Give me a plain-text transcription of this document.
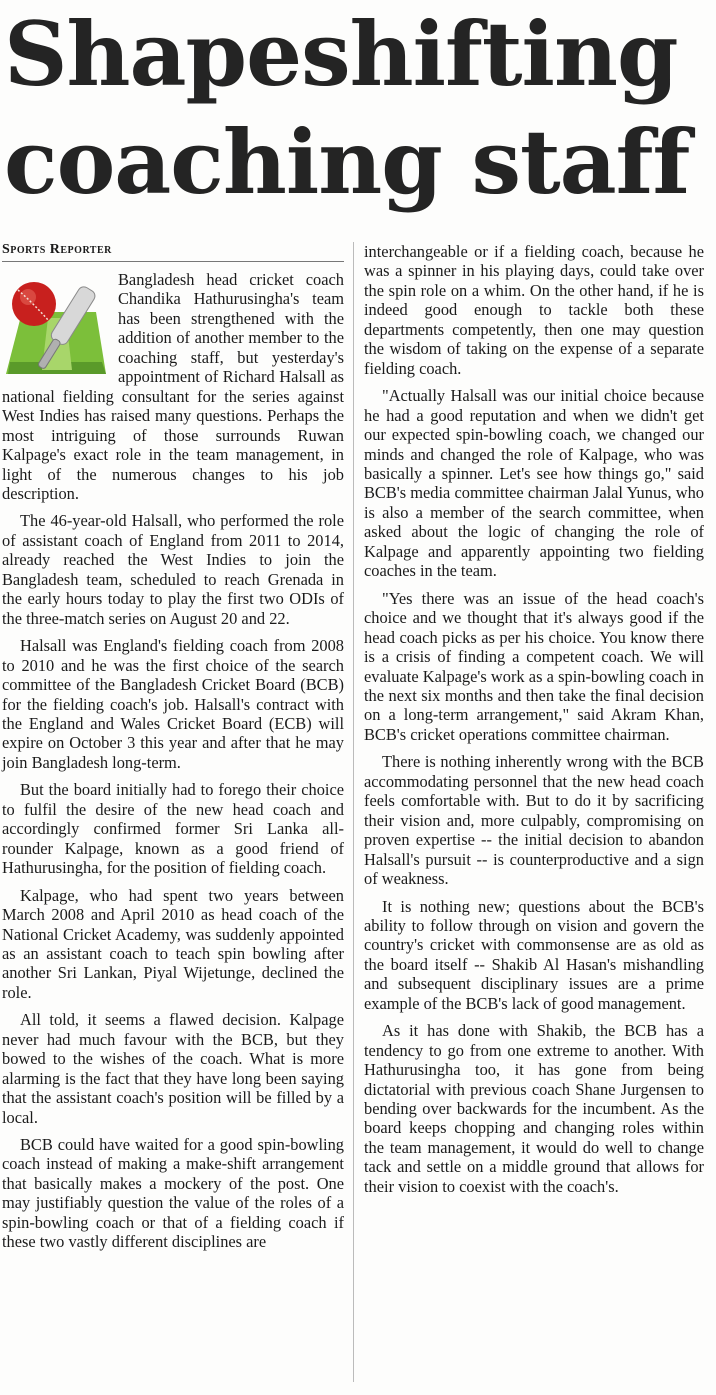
Shapeshifting
coaching staff
Sports Reporter

Bangladesh head cricket coach Chandika Hathurusingha's team has been strengthened with the addition of another member to the coaching staff, but yesterday's appointment of Richard Halsall as national fielding consultant for the series against West Indies has raised many questions. Perhaps the most intriguing of those surrounds Ruwan Kalpage's exact role in the team management, in light of the numerous changes to his job description.

The 46-year-old Halsall, who performed the role of assistant coach of England from 2011 to 2014, already reached the West Indies to join the Bangladesh team, scheduled to reach Grenada in the early hours today to play the first two ODIs of the three-match series on August 20 and 22.

Halsall was England's fielding coach from 2008 to 2010 and he was the first choice of the search committee of the Bangladesh Cricket Board (BCB) for the fielding coach's job. Halsall's contract with the England and Wales Cricket Board (ECB) will expire on October 3 this year and after that he may join Bangladesh long-term.

But the board initially had to forego their choice to fulfil the desire of the new head coach and accordingly confirmed former Sri Lanka all-rounder Kalpage, known as a good friend of Hathurusingha, for the position of fielding coach.

Kalpage, who had spent two years between March 2008 and April 2010 as head coach of the National Cricket Academy, was suddenly appointed as an assistant coach to teach spin bowling after another Sri Lankan, Piyal Wijetunge, declined the role.

All told, it seems a flawed decision. Kalpage never had much favour with the BCB, but they bowed to the wishes of the coach. What is more alarming is the fact that they have long been saying that the assistant coach's position will be filled by a local.

BCB could have waited for a good spin-bowling coach instead of making a make-shift arrangement that basically makes a mockery of the post. One may justifiably question the value of the roles of a spin-bowling coach or that of a fielding coach if these two vastly different disciplines are

interchangeable or if a fielding coach, because he was a spinner in his playing days, could take over the spin role on a whim. On the other hand, if he is indeed good enough to tackle both these departments competently, then one may question the wisdom of taking on the expense of a separate fielding coach.

"Actually Halsall was our initial choice because he had a good reputation and when we didn't get our expected spin-bowling coach, we changed our minds and changed the role of Kalpage, who was basically a spinner. Let's see how things go," said BCB's media committee chairman Jalal Yunus, who is also a member of the search committee, when asked about the logic of changing the role of Kalpage and apparently appointing two fielding coaches in the team.

"Yes there was an issue of the head coach's choice and we thought that it's always good if the head coach picks as per his choice. You know there is a crisis of finding a competent coach. We will evaluate Kalpage's work as a spin-bowling coach in the next six months and then take the final decision on a long-term arrangement," said Akram Khan, BCB's cricket operations committee chairman.

There is nothing inherently wrong with the BCB accommodating personnel that the new head coach feels comfortable with. But to do it by sacrificing their vision and, more culpably, compromising on proven expertise -- the initial decision to abandon Halsall's pursuit -- is counterproductive and a sign of weakness.

It is nothing new; questions about the BCB's ability to follow through on vision and govern the country's cricket with commonsense are as old as the board itself -- Shakib Al Hasan's mishandling and subsequent disciplinary issues are a prime example of the BCB's lack of good management.

As it has done with Shakib, the BCB has a tendency to go from one extreme to another. With Hathurusingha too, it has gone from being dictatorial with previous coach Shane Jurgensen to bending over backwards for the incumbent. As the board keeps chopping and changing roles within the team management, it would do well to change tack and settle on a middle ground that allows for their vision to coexist with the coach's.
